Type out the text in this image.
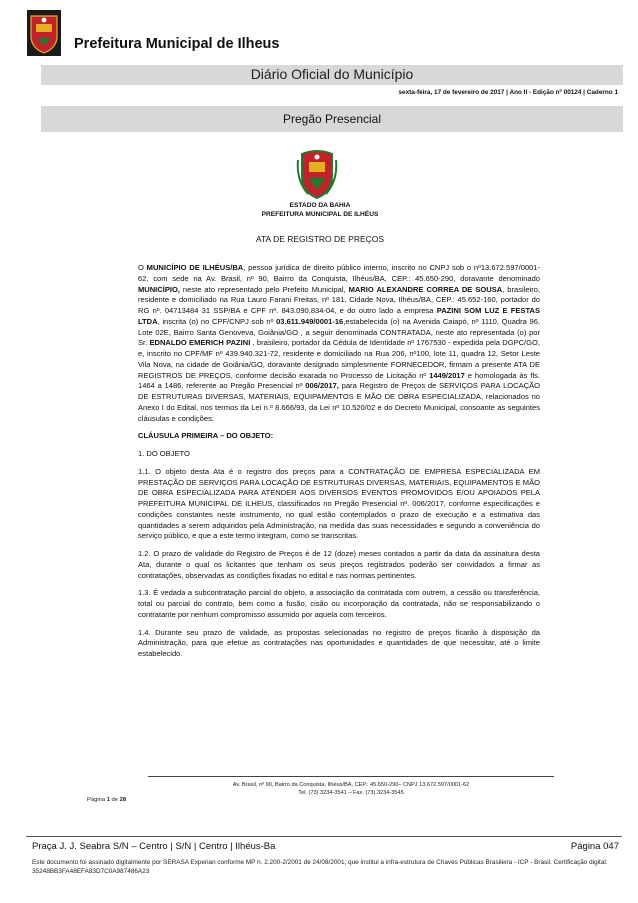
Prefeitura Municipal de Ilheus
Diário Oficial do Município
sexta-feira, 17 de fevereiro de 2017 | Ano II - Edição nº 00124 | Caderno 1
Pregão Presencial
ESTADO DA BAHIA
PREFEITURA MUNICIPAL DE ILHÉUS
ATA DE REGISTRO DE PREÇOS

O MUNICÍPIO DE ILHÉUS/BA, pessoa jurídica de direito público interno, inscrito no CNPJ sob o nº13.672.597/0001-62, com sede na Av. Brasil, nº 90, Bairro da Conquista, Ilhéus/BA, CEP.: 45.650-290, doravante denominado MUNICÍPIO, neste ato representado pelo Prefeito Municipal, MARIO ALEXANDRE CORREA DE SOUSA, brasileiro, residente e domiciliado na Rua Lauro Farani Freitas, nº 181, Cidade Nova, Ilhéus/BA, CEP.: 45.652-160, portador do RG nº. 04713484 31 SSP/BA e CPF nº. 843.090.834-04, e do outro lado a empresa PAZINI SOM LUZ E FESTAS LTDA, inscrita (o) no CPF/CNPJ sob nº 03.611.949/0001-16,estabelecida (o) na Avenida Caiapó, nº 1110, Quadra 96, Lote 02E, Bairro Santa Genoveva, Goiânia/GO , a seguir denominada CONTRATADA, neste ato representada (o) por Sr. EDNALDO EMERICH PAZINI , brasileiro, portador da Cédula de Identidade nº 1767530 - expedida pela DGPC/GO, e, inscrito no CPF/MF nº 439.940.321-72, residente e domiciliado na Rua 206, nº100, lote 11, quadra 12, Setor Leste Vila Nova, na cidade de Goiânia/GO, doravante designado simplesmente FORNECEDOR, firmam a presente ATA DE REGISTROS DE PREÇOS, conforme decisão exarada no Processo de Licitação nº 1449/2017 e homologada às fls. 1464 a 1486, referente ao Pregão Presencial nº 006/2017, para Registro de Preços de SERVIÇOS PARA LOCAÇÃO DE ESTRUTURAS DIVERSAS, MATERIAIS, EQUIPAMENTOS E MÃO DE OBRA ESPECIALIZADA, relacionados no Anexo I do Edital, nos termos da Lei n.º 8.666/93, da Lei nº 10.520/02 e do Decreto Municipal, consoante as seguintes cláusulas e condições:

CLÁUSULA PRIMEIRA – DO OBJETO:

1. DO OBJETO

1.1. O objeto desta Ata é o registro dos preços para a CONTRATAÇÃO DE EMPRESA ESPECIALIZADA EM PRESTAÇÃO DE SERVIÇOS PARA LOCAÇÃO DE ESTRUTURAS DIVERSAS, MATERIAIS, EQUIPAMENTOS E MÃO DE OBRA ESPECIALIZADA PARA ATENDER AOS DIVERSOS EVENTOS PROMOVIDOS E/OU APOIADOS PELA PREFEITURA MUNICIPAL DE ILHEUS, classificados no Pregão Presencial nº. 006/2017, conforme especificações e condições constantes neste instrumento, no qual estão contemplados o prazo de execução e a estimativa das quantidades a serem adquiridos pela Administração, na medida das suas necessidades e segundo a conveniência do serviço público, e que a este termo integram, como se transcritas.

1.2. O prazo de validade do Registro de Preços é de 12 (doze) meses contados a partir da data da assinatura desta Ata, durante o qual os licitantes que tenham os seus preços registrados poderão ser convidados a firmar as contratações, observadas as condições fixadas no edital e nas normas pertinentes.

1.3. É vedada a subcontratação parcial do objeto, a associação da contratada com outrem, a cessão ou transferência, total ou parcial do contrato, bem como a fusão, cisão ou incorporação da contratada, não se responsabilizando o contratante por nenhum compromisso assumido por aquela com terceiros.

1.4. Durante seu prazo de validade, as propostas selecionadas no registro de preços ficarão à disposição da Administração, para que efetue as contratações nas oportunidades e quantidades de que necessitar, até o limite estabelecido.

Av. Brasil, nº 90, Bairro da Conquista, Ilhéus/BA, CEP.: 45.650-290– CNPJ 13.672.597/0001-62
Tel. (73) 3234-3541 – Fax. (73) 3234-3545
Página 1 de 28
Praça J. J. Seabra S/N – Centro | S/N | Centro | Ilhéus-Ba	Página 047
Este documento foi assinado digitalmente por SERASA Experian conforme MP n. 2.200-2/2001 de 24/08/2001, que institui a infra-estrutura de Chaves Públicas Brasileira - ICP - Brasil. Certificação digital: 35248BB3FA48EFA83D7C0A987486A23
